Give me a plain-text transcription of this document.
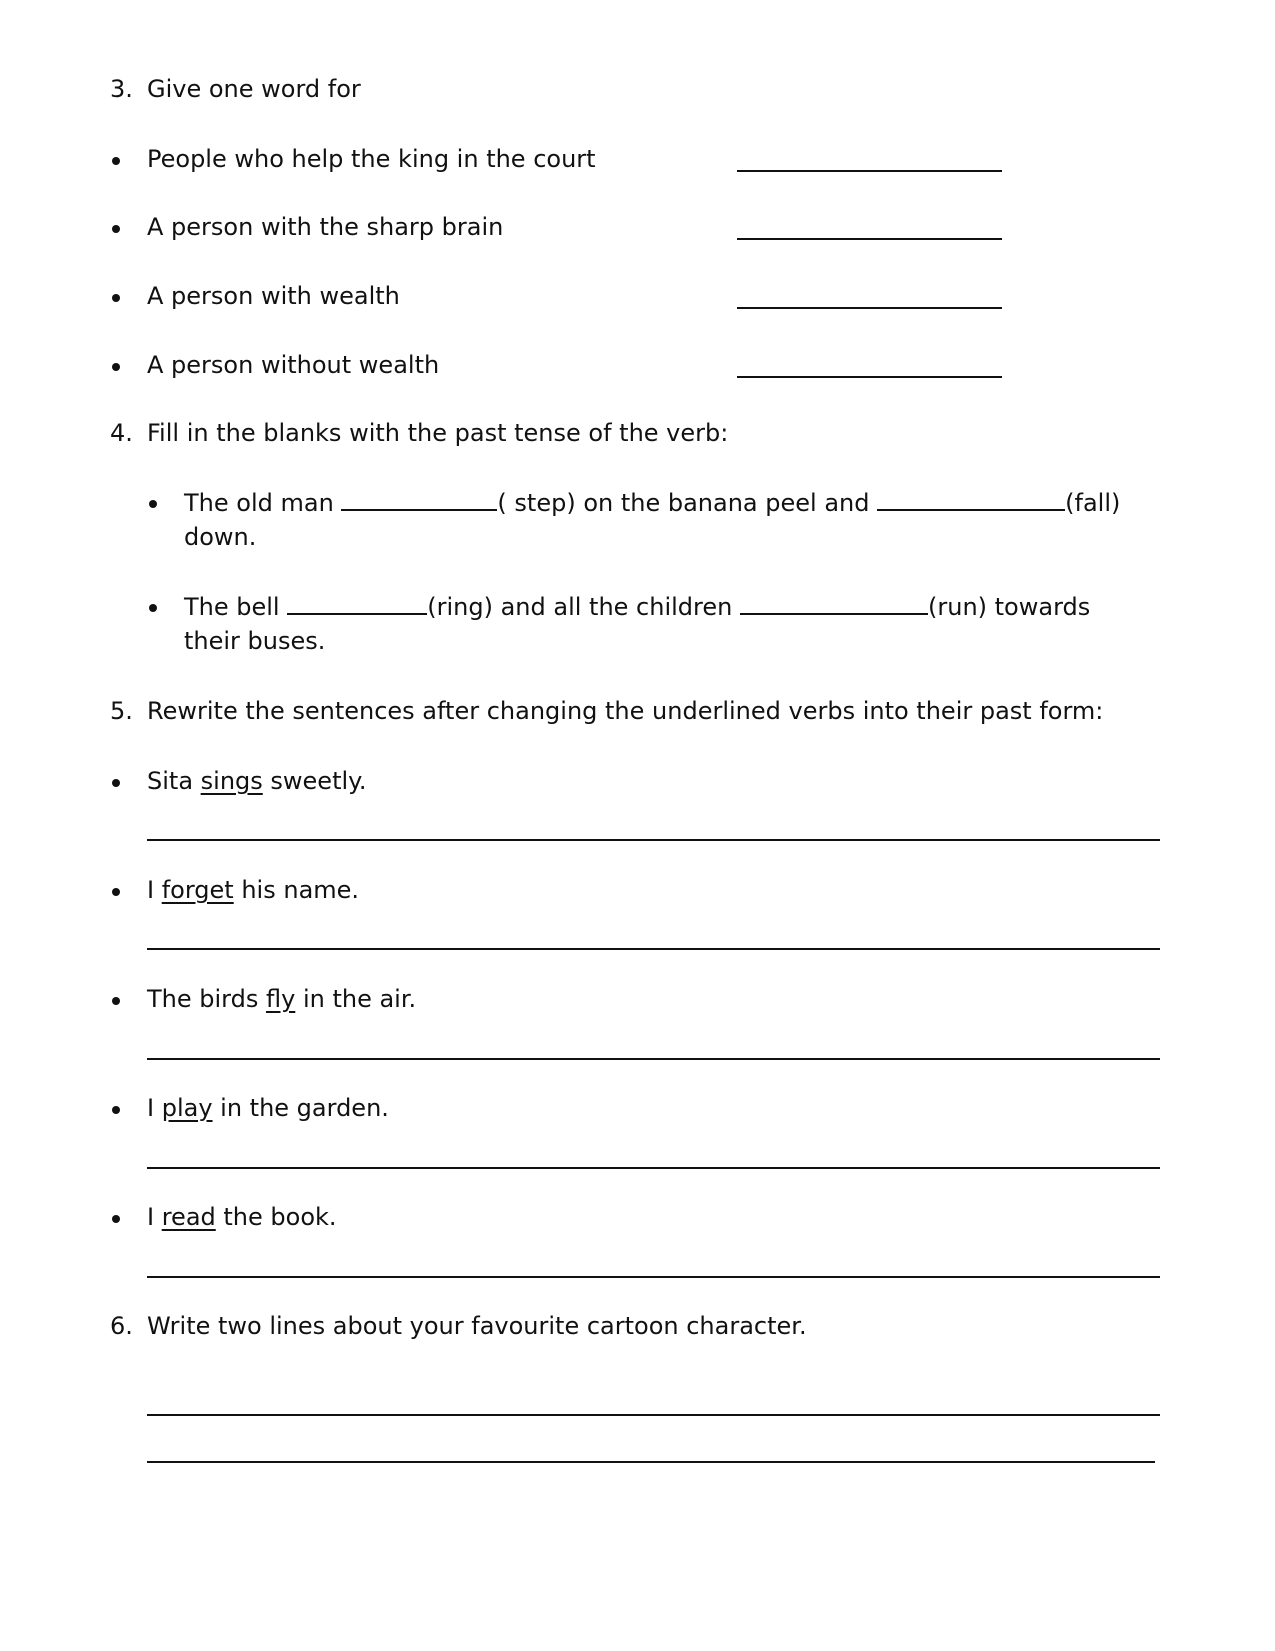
3. Give one word for
People who help the king in the court
A person with the sharp brain
A person with wealth
A person without wealth
4. Fill in the blanks with the past tense of the verb:
The old man	( step) on the banana peel and	(fall)
down.
The bell	(ring) and all the children	(run) towards
their buses.
5. Rewrite the sentences after changing the underlined verbs into their past form:
Sita sings sweetly.
I forget his name.
The birds fly in the air.
I play in the garden.
I read the book.
6. Write two lines about your favourite cartoon character.
